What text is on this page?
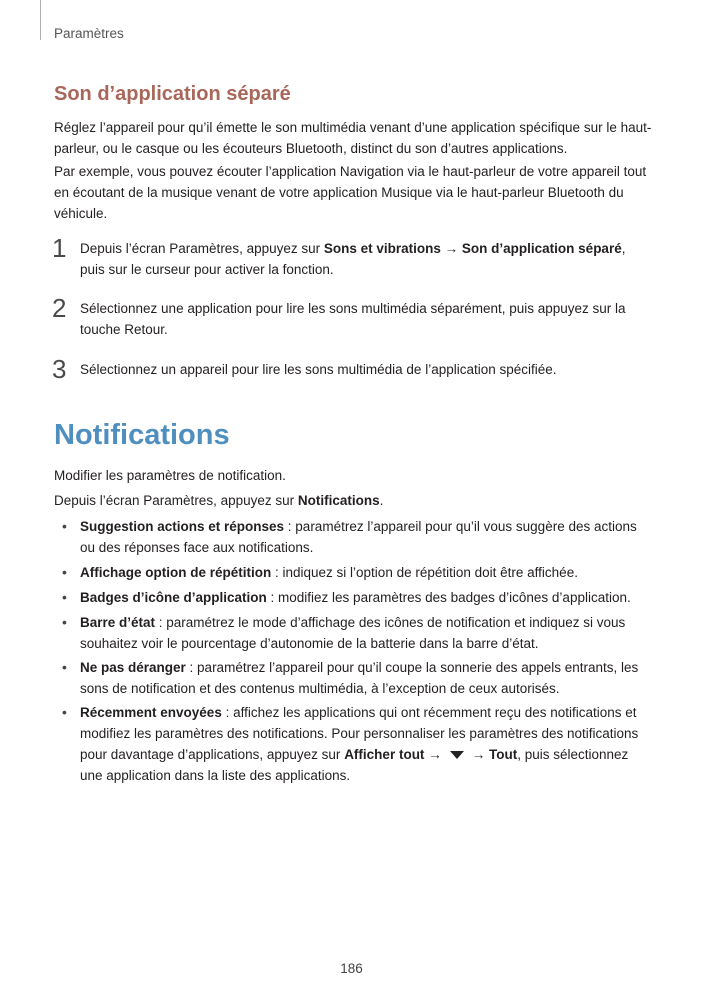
Paramètres
Son d’application séparé
Réglez l’appareil pour qu’il émette le son multimédia venant d’une application spécifique sur le haut-parleur, ou le casque ou les écouteurs Bluetooth, distinct du son d’autres applications.
Par exemple, vous pouvez écouter l’application Navigation via le haut-parleur de votre appareil tout en écoutant de la musique venant de votre application Musique via le haut-parleur Bluetooth du véhicule.
1 Depuis l’écran Paramètres, appuyez sur Sons et vibrations → Son d’application séparé, puis sur le curseur pour activer la fonction.
2 Sélectionnez une application pour lire les sons multimédia séparément, puis appuyez sur la touche Retour.
3 Sélectionnez un appareil pour lire les sons multimédia de l’application spécifiée.
Notifications
Modifier les paramètres de notification.
Depuis l’écran Paramètres, appuyez sur Notifications.
• Suggestion actions et réponses : paramétrez l’appareil pour qu’il vous suggère des actions ou des réponses face aux notifications.
• Affichage option de répétition : indiquez si l’option de répétition doit être affichée.
• Badges d’icône d’application : modifiez les paramètres des badges d’icônes d’application.
• Barre d’état : paramétrez le mode d’affichage des icônes de notification et indiquez si vous souhaitez voir le pourcentage d’autonomie de la batterie dans la barre d’état.
• Ne pas déranger : paramétrez l’appareil pour qu’il coupe la sonnerie des appels entrants, les sons de notification et des contenus multimédia, à l’exception de ceux autorisés.
• Récemment envoyées : affichez les applications qui ont récemment reçu des notifications et modifiez les paramètres des notifications. Pour personnaliser les paramètres des notifications pour davantage d’applications, appuyez sur Afficher tout → → Tout, puis sélectionnez une application dans la liste des applications.
186
